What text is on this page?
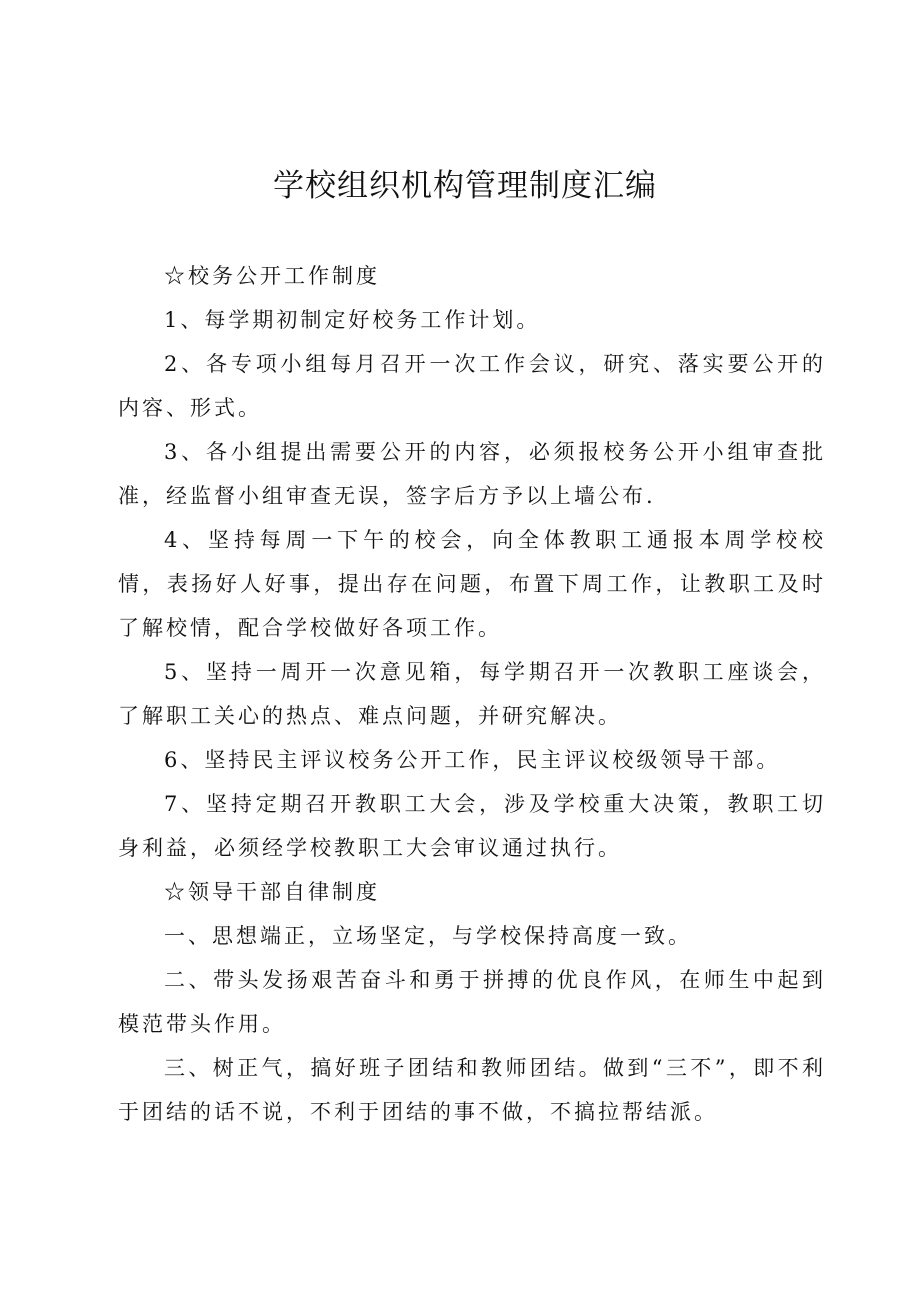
学校组织机构管理制度汇编

☆校务公开工作制度

1、每学期初制定好校务工作计划。

2、各专项小组每月召开一次工作会议，研究、落实要公开的内容、形式。

3、各小组提出需要公开的内容，必须报校务公开小组审查批准，经监督小组审查无误，签字后方予以上墙公布.

4、坚持每周一下午的校会，向全体教职工通报本周学校校情，表扬好人好事，提出存在问题，布置下周工作，让教职工及时了解校情，配合学校做好各项工作。

5、坚持一周开一次意见箱，每学期召开一次教职工座谈会，了解职工关心的热点、难点问题，并研究解决。

6、坚持民主评议校务公开工作，民主评议校级领导干部。

7、坚持定期召开教职工大会，涉及学校重大决策，教职工切身利益，必须经学校教职工大会审议通过执行。

☆领导干部自律制度

一、思想端正，立场坚定，与学校保持高度一致。

二、带头发扬艰苦奋斗和勇于拼搏的优良作风，在师生中起到模范带头作用。

三、树正气，搞好班子团结和教师团结。做到“三不”，即不利于团结的话不说，不利于团结的事不做，不搞拉帮结派。
